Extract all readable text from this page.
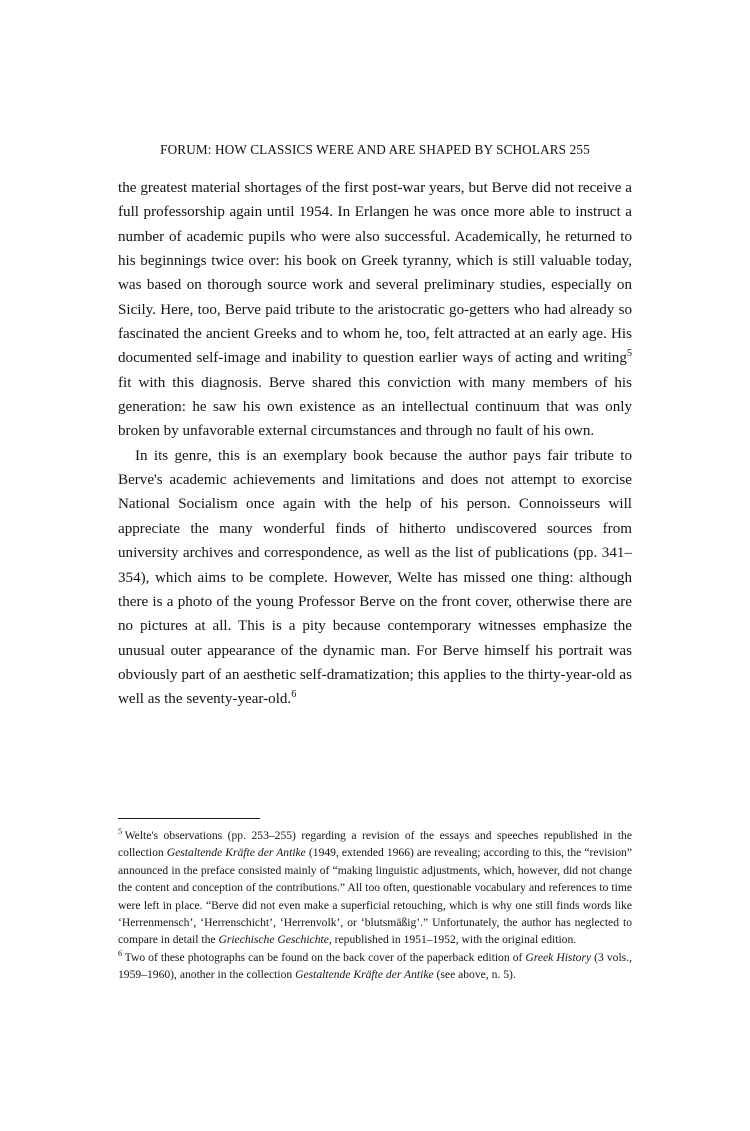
FORUM: HOW CLASSICS WERE AND ARE SHAPED BY SCHOLARS 255

the greatest material shortages of the first post-war years, but Berve did not receive a full professorship again until 1954. In Erlangen he was once more able to instruct a number of academic pupils who were also successful. Academically, he returned to his beginnings twice over: his book on Greek tyranny, which is still valuable today, was based on thorough source work and several preliminary studies, especially on Sicily. Here, too, Berve paid tribute to the aristocratic go-getters who had already so fascinated the ancient Greeks and to whom he, too, felt attracted at an early age. His documented self-image and inability to question earlier ways of acting and writing$^5$ fit with this diagnosis. Berve shared this conviction with many members of his generation: he saw his own existence as an intellectual continuum that was only broken by unfavorable external circumstances and through no fault of his own.

In its genre, this is an exemplary book because the author pays fair tribute to Berve's academic achievements and limitations and does not attempt to exorcise National Socialism once again with the help of his person. Connoisseurs will appreciate the many wonderful finds of hitherto undiscovered sources from university archives and correspondence, as well as the list of publications (pp. 341–354), which aims to be complete. However, Welte has missed one thing: although there is a photo of the young Professor Berve on the front cover, otherwise there are no pictures at all. This is a pity because contemporary witnesses emphasize the unusual outer appearance of the dynamic man. For Berve himself his portrait was obviously part of an aesthetic self-dramatization; this applies to the thirty-year-old as well as the seventy-year-old.$^6$

$^5$ Welte's observations (pp. 253–255) regarding a revision of the essays and speeches republished in the collection Gestaltende Kräfte der Antike (1949, extended 1966) are revealing; according to this, the “revision” announced in the preface consisted mainly of “making linguistic adjustments, which, however, did not change the content and conception of the contributions.” All too often, questionable vocabulary and references to time were left in place. “Berve did not even make a superficial retouching, which is why one still finds words like ‘Herrenmensch’, ‘Herrenschicht’, ‘Herrenvolk’, or ‘blutsmäßig’.” Unfortunately, the author has neglected to compare in detail the Griechische Geschichte, republished in 1951–1952, with the original edition.

$^6$ Two of these photographs can be found on the back cover of the paperback edition of Greek History (3 vols., 1959–1960), another in the collection Gestaltende Kräfte der Antike (see above, n. 5).
